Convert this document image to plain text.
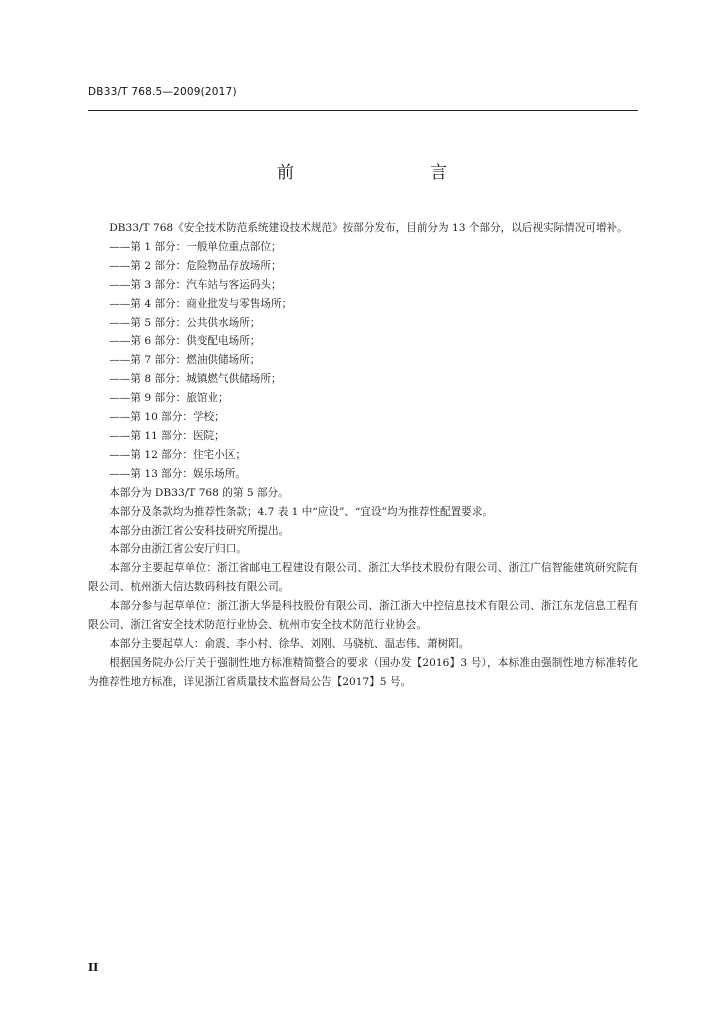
DB33/T 768.5—2009(2017)
前　　言

DB33/T 768《安全技术防范系统建设技术规范》按部分发布，目前分为 13 个部分，以后视实际情况可增补。

——第 1 部分：一般单位重点部位；

——第 2 部分：危险物品存放场所；

——第 3 部分：汽车站与客运码头；

——第 4 部分：商业批发与零售场所；

——第 5 部分：公共供水场所；

——第 6 部分：供变配电场所；

——第 7 部分：燃油供储场所；

——第 8 部分：城镇燃气供储场所；

——第 9 部分：旅馆业；

——第 10 部分：学校；

——第 11 部分：医院；

——第 12 部分：住宅小区；

——第 13 部分：娱乐场所。

本部分为 DB33/T 768 的第 5 部分。

本部分及条款均为推荐性条款；4.7 表 1 中“应设”、“宜设”均为推荐性配置要求。

本部分由浙江省公安科技研究所提出。

本部分由浙江省公安厅归口。

本部分主要起草单位：浙江省邮电工程建设有限公司、浙江大华技术股份有限公司、浙江广信智能建筑研究院有限公司、杭州浙大信达数码科技有限公司。

本部分参与起草单位：浙江浙大华是科技股份有限公司、浙江浙大中控信息技术有限公司、浙江东龙信息工程有限公司、浙江省安全技术防范行业协会、杭州市安全技术防范行业协会。

本部分主要起草人：俞震、李小村、徐华、刘刚、马骁杭、温志伟、萧树阳。

根据国务院办公厅关于强制性地方标准精简整合的要求（国办发【2016】3 号），本标准由强制性地方标准转化为推荐性地方标准，详见浙江省质量技术监督局公告【2017】5 号。

II
